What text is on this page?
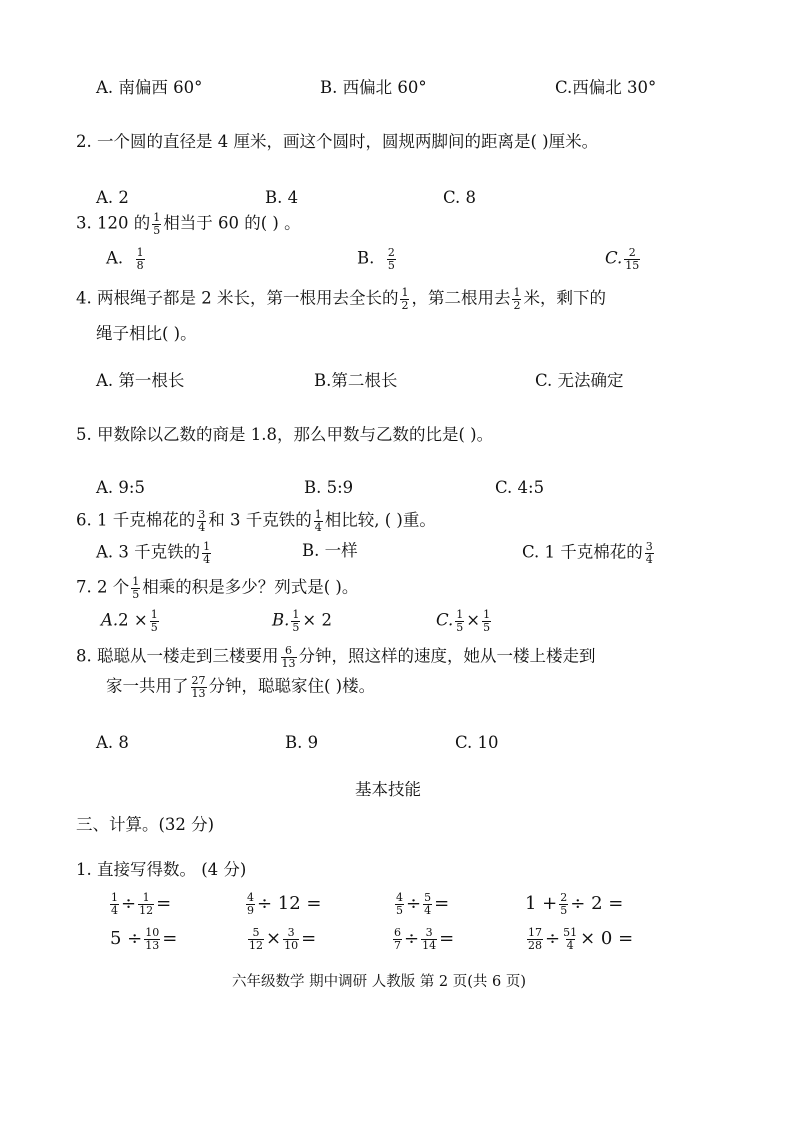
A. 南偏西 60°	B. 西偏北 60°	C.西偏北 30°
2. 一个圆的直径是 4 厘米，画这个圆时，圆规两脚间的距离是( )厘米。
A. 2	B. 4	C. 8
3. 120 的 $\frac{1}{5}$ 相当于 60 的( ) 。
A. $\frac{1}{8}$	B. $\frac{2}{5}$	C. $\frac{2}{15}$
4. 两根绳子都是 2 米长，第一根用去全长的 $\frac{1}{2}$ ，第二根用去 $\frac{1}{2}$ 米，剩下的
绳子相比( )。
A. 第一根长	B.第二根长	C. 无法确定
5. 甲数除以乙数的商是 1.8，那么甲数与乙数的比是( )。
A. 9:5	B. 5:9	C. 4:5
6. 1 千克棉花的 $\frac{3}{4}$ 和 3 千克铁的 $\frac{1}{4}$ 相比较, ( )重。
A. 3 千克铁的 $\frac{1}{4}$	B. 一样	C. 1 千克棉花的 $\frac{3}{4}$
7. 2 个 $\frac{1}{5}$ 相乘的积是多少？列式是( )。
$A.2 \times \frac{1}{5}$	B. $\frac{1}{5} \times 2$	C. $\frac{1}{5} \times \frac{1}{5}$
8. 聪聪从一楼走到三楼要用 $\frac{6}{13}$ 分钟，照这样的速度，她从一楼上楼走到
家一共用了 $\frac{27}{13}$ 分钟，聪聪家住( )楼。
A. 8	B. 9	C. 10
基本技能
三、计算。(32 分)
1. 直接写得数。 (4 分)
$\frac{1}{4} \div \frac{1}{12}$ =	$\frac{4}{9} \div 12$ =	$\frac{4}{5} \div \frac{5}{4}$ =	$1 + \frac{2}{5} \div 2$ =
$5 \div \frac{10}{13}$ =	$\frac{5}{12} \times \frac{3}{10}$ =	$\frac{6}{7} \div \frac{3}{14}$ =	$\frac{17}{28} \div \frac{51}{4} \times 0$ =
六年级数学 期中调研 人教版 第 2 页(共 6 页)
